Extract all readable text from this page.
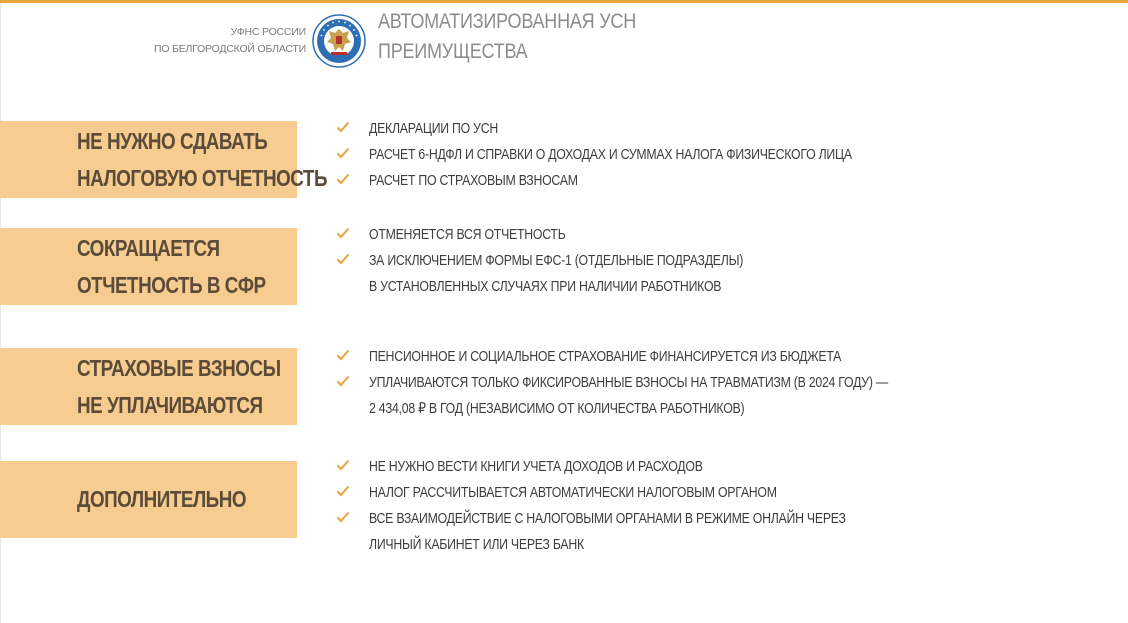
УФНС РОССИИ
ПО БЕЛГОРОДСКОЙ ОБЛАСТИ
АВТОМАТИЗИРОВАННАЯ УСН
ПРЕИМУЩЕСТВА
НЕ НУЖНО СДАВАТЬ
НАЛОГОВУЮ ОТЧЕТНОСТЬ
ДЕКЛАРАЦИИ ПО УСН
РАСЧЕТ 6-НДФЛ И СПРАВКИ О ДОХОДАХ И СУММАХ НАЛОГА ФИЗИЧЕСКОГО ЛИЦА
РАСЧЕТ ПО СТРАХОВЫМ ВЗНОСАМ
СОКРАЩАЕТСЯ
ОТЧЕТНОСТЬ В СФР
ОТМЕНЯЕТСЯ ВСЯ ОТЧЕТНОСТЬ
ЗА ИСКЛЮЧЕНИЕМ ФОРМЫ ЕФС-1 (ОТДЕЛЬНЫЕ ПОДРАЗДЕЛЫ)
В УСТАНОВЛЕННЫХ СЛУЧАЯХ ПРИ НАЛИЧИИ РАБОТНИКОВ
СТРАХОВЫЕ ВЗНОСЫ
НЕ УПЛАЧИВАЮТСЯ
ПЕНСИОННОЕ И СОЦИАЛЬНОЕ СТРАХОВАНИЕ ФИНАНСИРУЕТСЯ ИЗ БЮДЖЕТА
УПЛАЧИВАЮТСЯ ТОЛЬКО ФИКСИРОВАННЫЕ ВЗНОСЫ НА ТРАВМАТИЗМ (В 2024 ГОДУ) —
2 434,08 ₽ В ГОД (НЕЗАВИСИМО ОТ КОЛИЧЕСТВА РАБОТНИКОВ)
ДОПОЛНИТЕЛЬНО
НЕ НУЖНО ВЕСТИ КНИГИ УЧЕТА ДОХОДОВ И РАСХОДОВ
НАЛОГ РАССЧИТЫВАЕТСЯ АВТОМАТИЧЕСКИ НАЛОГОВЫМ ОРГАНОМ
ВСЕ ВЗАИМОДЕЙСТВИЕ С НАЛОГОВЫМИ ОРГАНАМИ В РЕЖИМЕ ОНЛАЙН ЧЕРЕЗ
ЛИЧНЫЙ КАБИНЕТ ИЛИ ЧЕРЕЗ БАНК
